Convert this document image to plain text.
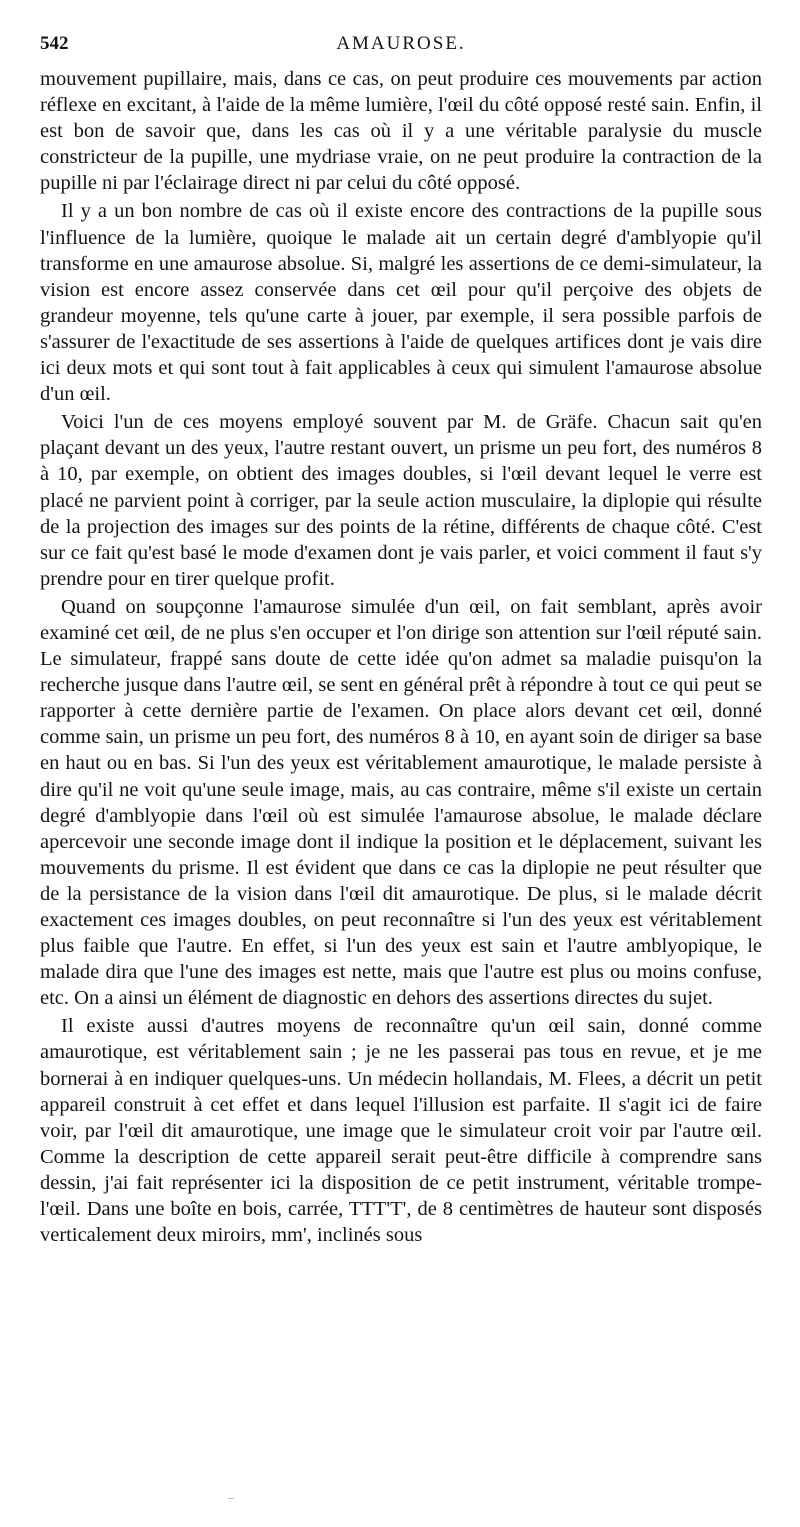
542	AMAUROSE.

mouvement pupillaire, mais, dans ce cas, on peut produire ces mouvements par action réflexe en excitant, à l'aide de la même lumière, l'œil du côté opposé resté sain. Enfin, il est bon de savoir que, dans les cas où il y a une véritable paralysie du muscle constricteur de la pupille, une mydriase vraie, on ne peut produire la contraction de la pupille ni par l'éclairage direct ni par celui du côté opposé.

Il y a un bon nombre de cas où il existe encore des contractions de la pupille sous l'influence de la lumière, quoique le malade ait un certain degré d'amblyopie qu'il transforme en une amaurose absolue. Si, malgré les assertions de ce demi-simulateur, la vision est encore assez conservée dans cet œil pour qu'il perçoive des objets de grandeur moyenne, tels qu'une carte à jouer, par exemple, il sera possible parfois de s'assurer de l'exactitude de ses assertions à l'aide de quelques artifices dont je vais dire ici deux mots et qui sont tout à fait applicables à ceux qui simulent l'amaurose absolue d'un œil.

Voici l'un de ces moyens employé souvent par M. de Gräfe. Chacun sait qu'en plaçant devant un des yeux, l'autre restant ouvert, un prisme un peu fort, des numéros 8 à 10, par exemple, on obtient des images doubles, si l'œil devant lequel le verre est placé ne parvient point à corriger, par la seule action musculaire, la diplopie qui résulte de la projection des images sur des points de la rétine, différents de chaque côté. C'est sur ce fait qu'est basé le mode d'examen dont je vais parler, et voici comment il faut s'y prendre pour en tirer quelque profit.

Quand on soupçonne l'amaurose simulée d'un œil, on fait semblant, après avoir examiné cet œil, de ne plus s'en occuper et l'on dirige son attention sur l'œil réputé sain. Le simulateur, frappé sans doute de cette idée qu'on admet sa maladie puisqu'on la recherche jusque dans l'autre œil, se sent en général prêt à répondre à tout ce qui peut se rapporter à cette dernière partie de l'examen. On place alors devant cet œil, donné comme sain, un prisme un peu fort, des numéros 8 à 10, en ayant soin de diriger sa base en haut ou en bas. Si l'un des yeux est véritablement amaurotique, le malade persiste à dire qu'il ne voit qu'une seule image, mais, au cas contraire, même s'il existe un certain degré d'amblyopie dans l'œil où est simulée l'amaurose absolue, le malade déclare apercevoir une seconde image dont il indique la position et le déplacement, suivant les mouvements du prisme. Il est évident que dans ce cas la diplopie ne peut résulter que de la persistance de la vision dans l'œil dit amaurotique. De plus, si le malade décrit exactement ces images doubles, on peut reconnaître si l'un des yeux est véritablement plus faible que l'autre. En effet, si l'un des yeux est sain et l'autre amblyopique, le malade dira que l'une des images est nette, mais que l'autre est plus ou moins confuse, etc. On a ainsi un élément de diagnostic en dehors des assertions directes du sujet.

Il existe aussi d'autres moyens de reconnaître qu'un œil sain, donné comme amaurotique, est véritablement sain ; je ne les passerai pas tous en revue, et je me bornerai à en indiquer quelques-uns. Un médecin hollandais, M. Flees, a décrit un petit appareil construit à cet effet et dans lequel l'illusion est parfaite. Il s'agit ici de faire voir, par l'œil dit amaurotique, une image que le simulateur croit voir par l'autre œil. Comme la description de cette appareil serait peut-être difficile à comprendre sans dessin, j'ai fait représenter ici la disposition de ce petit instrument, véritable trompe-l'œil. Dans une boîte en bois, carrée, TTT'T', de 8 centimètres de hauteur sont disposés verticalement deux miroirs, mm', inclinés sous
